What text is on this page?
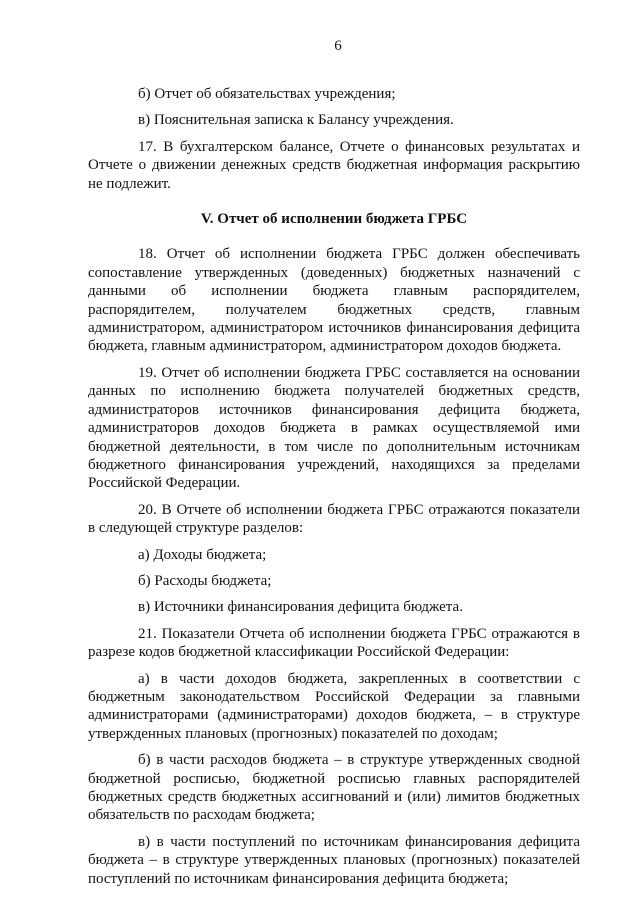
6

б) Отчет об обязательствах учреждения;

в) Пояснительная записка к Балансу учреждения.

17. В бухгалтерском балансе, Отчете о финансовых результатах и Отчете о движении денежных средств бюджетная информация раскрытию не подлежит.

V. Отчет об исполнении бюджета ГРБС

18. Отчет об исполнении бюджета ГРБС должен обеспечивать сопоставление утвержденных (доведенных) бюджетных назначений с данными об исполнении бюджета главным распорядителем, распорядителем, получателем бюджетных средств, главным администратором, администратором источников финансирования дефицита бюджета, главным администратором, администратором доходов бюджета.

19. Отчет об исполнении бюджета ГРБС составляется на основании данных по исполнению бюджета получателей бюджетных средств, администраторов источников финансирования дефицита бюджета, администраторов доходов бюджета в рамках осуществляемой ими бюджетной деятельности, в том числе по дополнительным источникам бюджетного финансирования учреждений, находящихся за пределами Российской Федерации.

20. В Отчете об исполнении бюджета ГРБС отражаются показатели в следующей структуре разделов:

а) Доходы бюджета;

б) Расходы бюджета;

в) Источники финансирования дефицита бюджета.

21. Показатели Отчета об исполнении бюджета ГРБС отражаются в разрезе кодов бюджетной классификации Российской Федерации:

а) в части доходов бюджета, закрепленных в соответствии с бюджетным законодательством Российской Федерации за главными администраторами (администраторами) доходов бюджета, – в структуре утвержденных плановых (прогнозных) показателей по доходам;

б) в части расходов бюджета – в структуре утвержденных сводной бюджетной росписью, бюджетной росписью главных распорядителей бюджетных средств бюджетных ассигнований и (или) лимитов бюджетных обязательств по расходам бюджета;

в) в части поступлений по источникам финансирования дефицита бюджета – в структуре утвержденных плановых (прогнозных) показателей поступлений по источникам финансирования дефицита бюджета;
